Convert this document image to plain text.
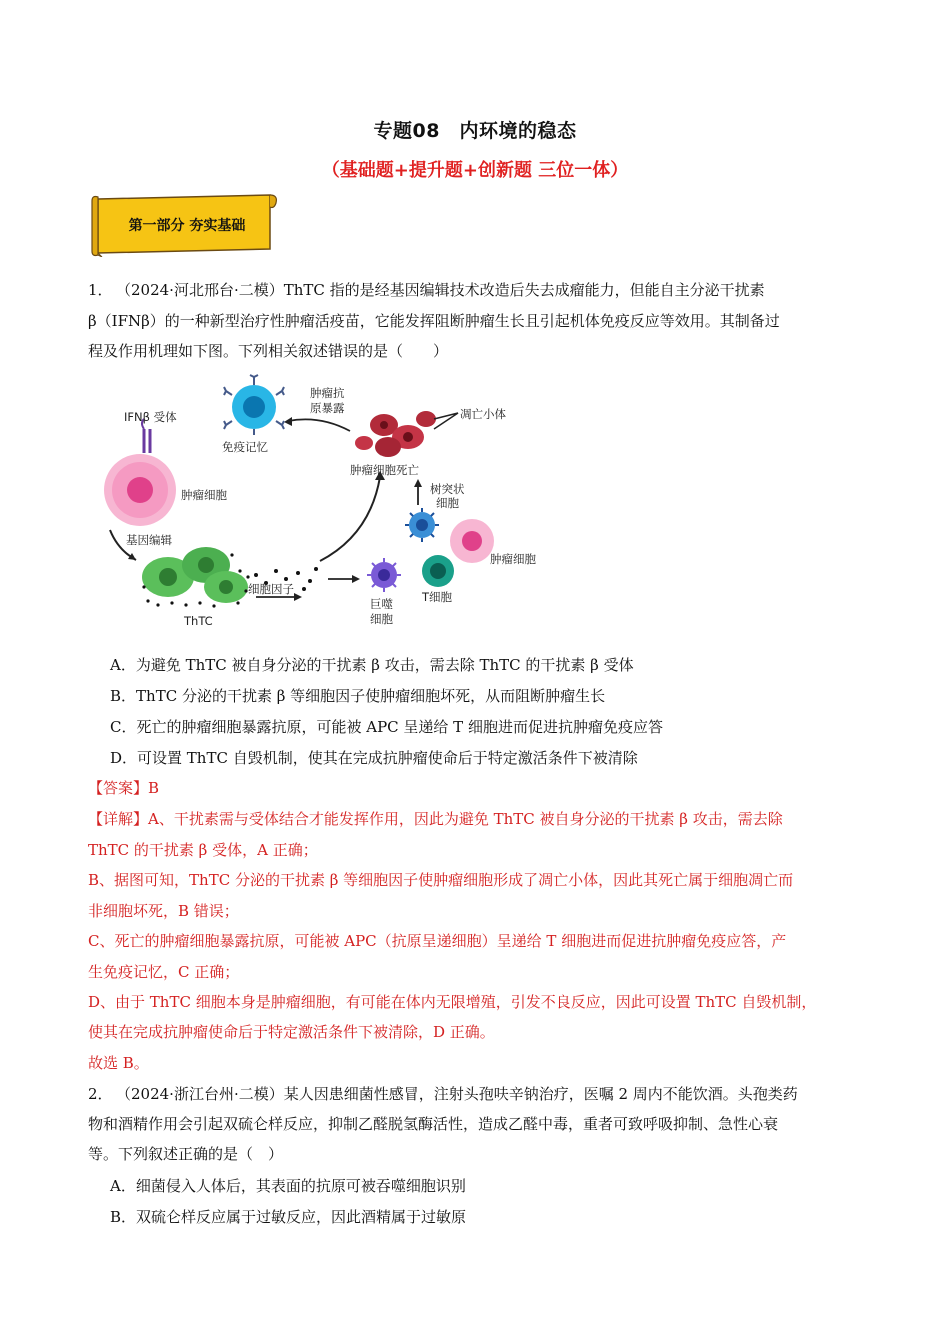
专题08　内环境的稳态
（基础题+提升题+创新题 三位一体）
第一部分 夯实基础
1． （2024·河北邢台·二模）ThTC 指的是经基因编辑技术改造后失去成瘤能力，但能自主分泌干扰素
β（IFNβ）的一种新型治疗性肿瘤活疫苗，它能发挥阻断肿瘤生长且引起机体免疫反应等效用。其制备过
程及作用机理如下图。下列相关叙述错误的是（　　）
IFNβ 受体
肿瘤细胞
基因编辑
ThTC
细胞因子
巨噬
细胞
T细胞
肿瘤细胞
树突状
细胞
肿瘤细胞死亡
凋亡小体
肿瘤抗
原暴露
免疫记忆
A．为避免 ThTC 被自身分泌的干扰素 β 攻击，需去除 ThTC 的干扰素 β 受体
B．ThTC 分泌的干扰素 β 等细胞因子使肿瘤细胞坏死，从而阻断肿瘤生长
C．死亡的肿瘤细胞暴露抗原，可能被 APC 呈递给 T 细胞进而促进抗肿瘤免疫应答
D．可设置 ThTC 自毁机制，使其在完成抗肿瘤使命后于特定激活条件下被清除
【答案】B
【详解】A、干扰素需与受体结合才能发挥作用，因此为避免 ThTC 被自身分泌的干扰素 β 攻击，需去除
ThTC 的干扰素 β 受体，A 正确；
B、据图可知，ThTC 分泌的干扰素 β 等细胞因子使肿瘤细胞形成了凋亡小体，因此其死亡属于细胞凋亡而
非细胞坏死，B 错误；
C、死亡的肿瘤细胞暴露抗原，可能被 APC（抗原呈递细胞）呈递给 T 细胞进而促进抗肿瘤免疫应答，产
生免疫记忆，C 正确；
D、由于 ThTC 细胞本身是肿瘤细胞，有可能在体内无限增殖，引发不良反应，因此可设置 ThTC 自毁机制，
使其在完成抗肿瘤使命后于特定激活条件下被清除，D 正确。
故选 B。
2． （2024·浙江台州·二模）某人因患细菌性感冒，注射头孢呋辛钠治疗，医嘱 2 周内不能饮酒。头孢类药
物和酒精作用会引起双硫仑样反应，抑制乙醛脱氢酶活性，造成乙醛中毒，重者可致呼吸抑制、急性心衰
等。下列叙述正确的是（　）
A．细菌侵入人体后，其表面的抗原可被吞噬细胞识别
B．双硫仑样反应属于过敏反应，因此酒精属于过敏原
